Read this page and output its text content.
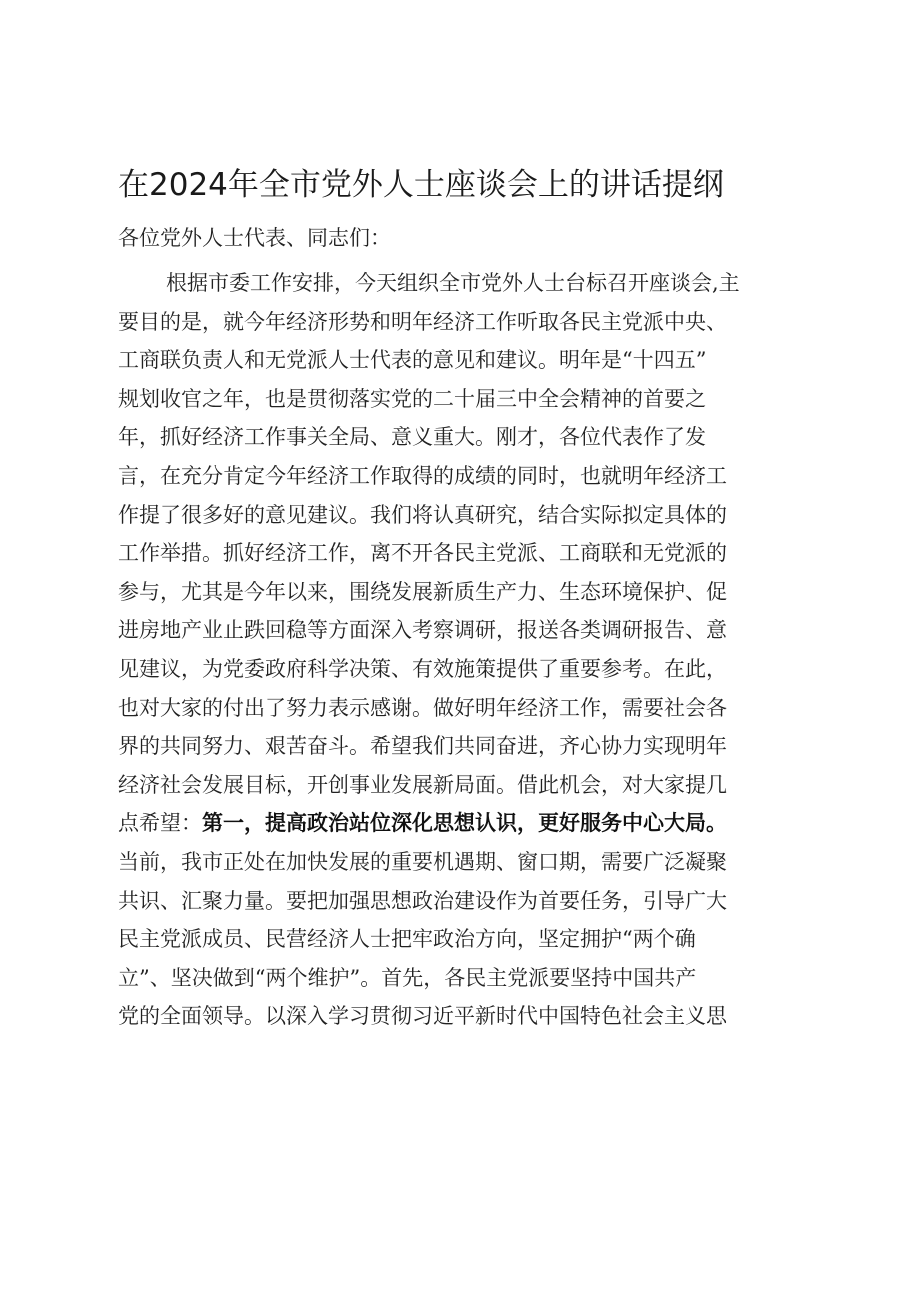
在2024年全市党外人士座谈会上的讲话提纲

各位党外人士代表、同志们：

根据市委工作安排，今天组织全市党外人士台标召开座谈会,主
要目的是，就今年经济形势和明年经济工作听取各民主党派中央、
工商联负责人和无党派人士代表的意见和建议。明年是“十四五”
规划收官之年，也是贯彻落实党的二十届三中全会精神的首要之
年，抓好经济工作事关全局、意义重大。刚才，各位代表作了发
言，在充分肯定今年经济工作取得的成绩的同时，也就明年经济工
作提了很多好的意见建议。我们将认真研究，结合实际拟定具体的
工作举措。抓好经济工作，离不开各民主党派、工商联和无党派的
参与，尤其是今年以来，围绕发展新质生产力、生态环境保护、促
进房地产业止跌回稳等方面深入考察调研，报送各类调研报告、意
见建议，为党委政府科学决策、有效施策提供了重要参考。在此，
也对大家的付出了努力表示感谢。做好明年经济工作，需要社会各
界的共同努力、艰苦奋斗。希望我们共同奋进，齐心协力实现明年
经济社会发展目标，开创事业发展新局面。借此机会，对大家提几
点希望：第一，提高政治站位深化思想认识，更好服务中心大局。
当前，我市正处在加快发展的重要机遇期、窗口期，需要广泛凝聚
共识、汇聚力量。要把加强思想政治建设作为首要任务，引导广大
民主党派成员、民营经济人士把牢政治方向，坚定拥护“两个确
立”、坚决做到“两个维护”。首先，各民主党派要坚持中国共产
党的全面领导。以深入学习贯彻习近平新时代中国特色社会主义思
